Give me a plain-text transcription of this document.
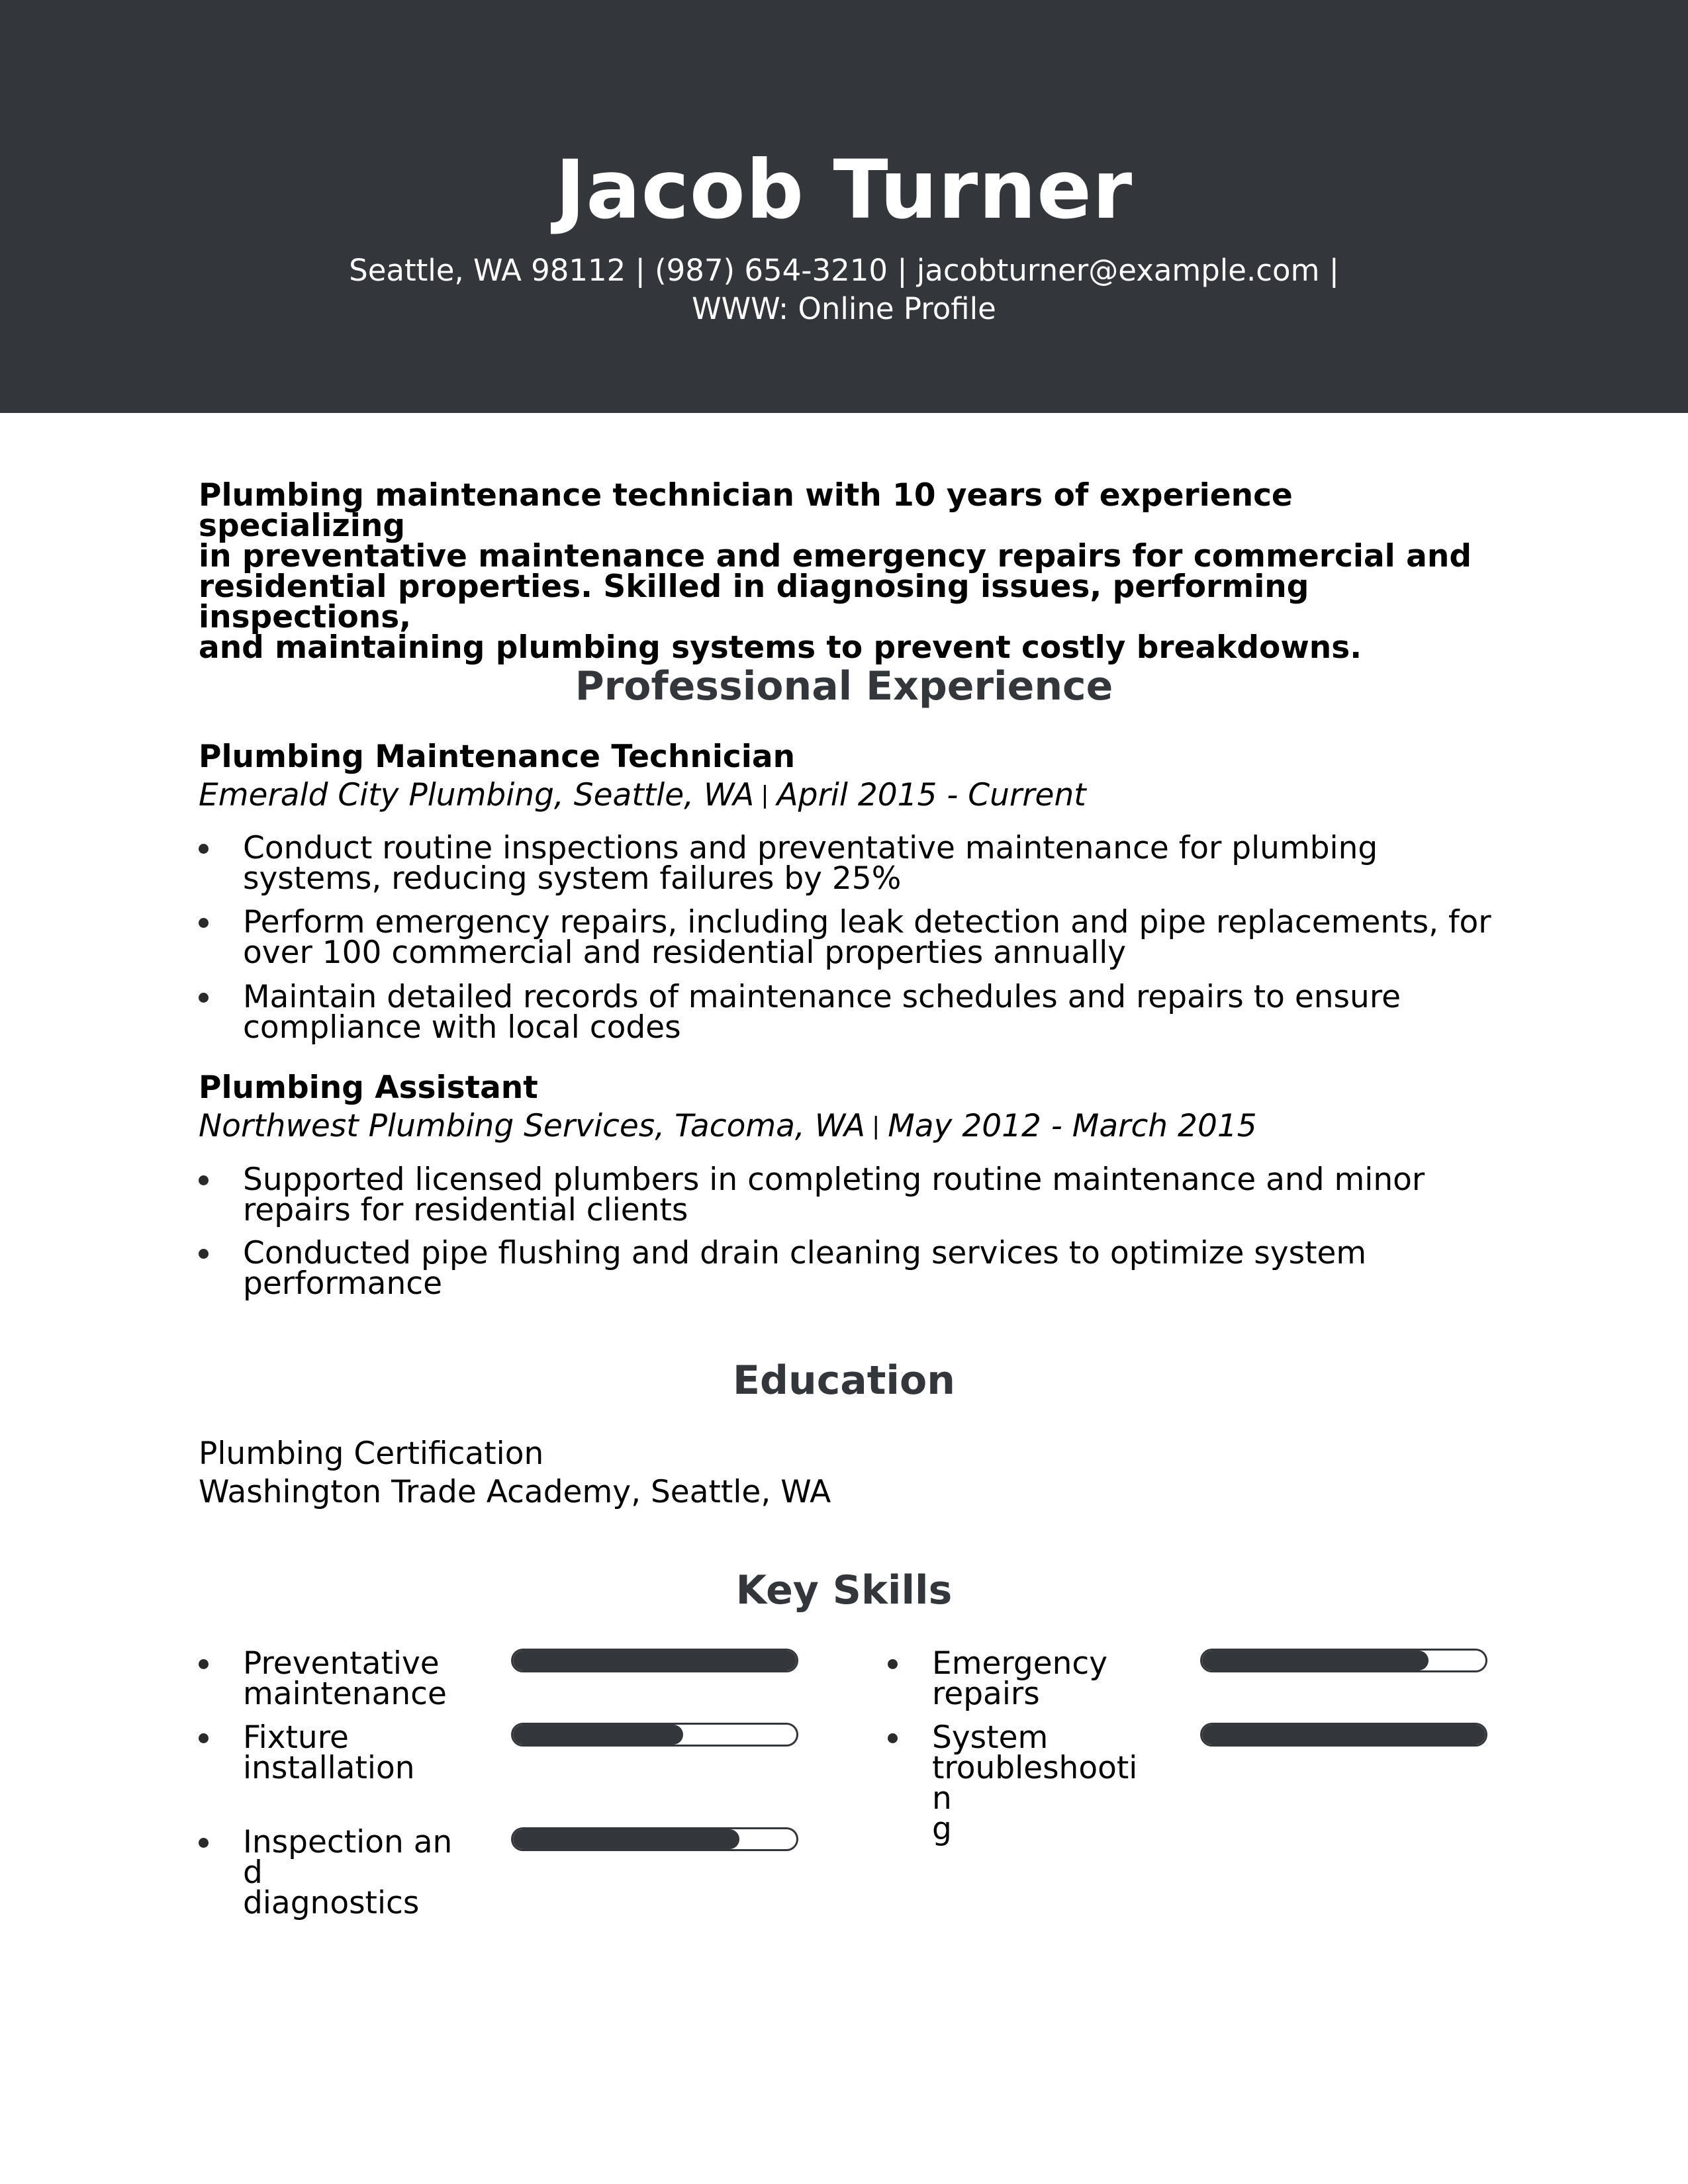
Jacob Turner
Seattle, WA 98112 | (987) 654-3210 | jacobturner@example.com |
WWW: Online Profile
Plumbing maintenance technician with 10 years of experience specializing
in preventative maintenance and emergency repairs for commercial and
residential properties. Skilled in diagnosing issues, performing inspections,
and maintaining plumbing systems to prevent costly breakdowns.
Professional Experience
Plumbing Maintenance Technician
Emerald City Plumbing, Seattle, WA | April 2015 - Current
Conduct routine inspections and preventative maintenance for plumbing
systems, reducing system failures by 25%
Perform emergency repairs, including leak detection and pipe replacements, for
over 100 commercial and residential properties annually
Maintain detailed records of maintenance schedules and repairs to ensure
compliance with local codes
Plumbing Assistant
Northwest Plumbing Services, Tacoma, WA | May 2012 - March 2015
Supported licensed plumbers in completing routine maintenance and minor
repairs for residential clients
Conducted pipe flushing and drain cleaning services to optimize system
performance
Education
Plumbing Certification
Washington Trade Academy, Seattle, WA
Key Skills
Preventative
maintenance
Emergency
repairs
Fixture
installation
System
troubleshootin
g
Inspection and
diagnostics
